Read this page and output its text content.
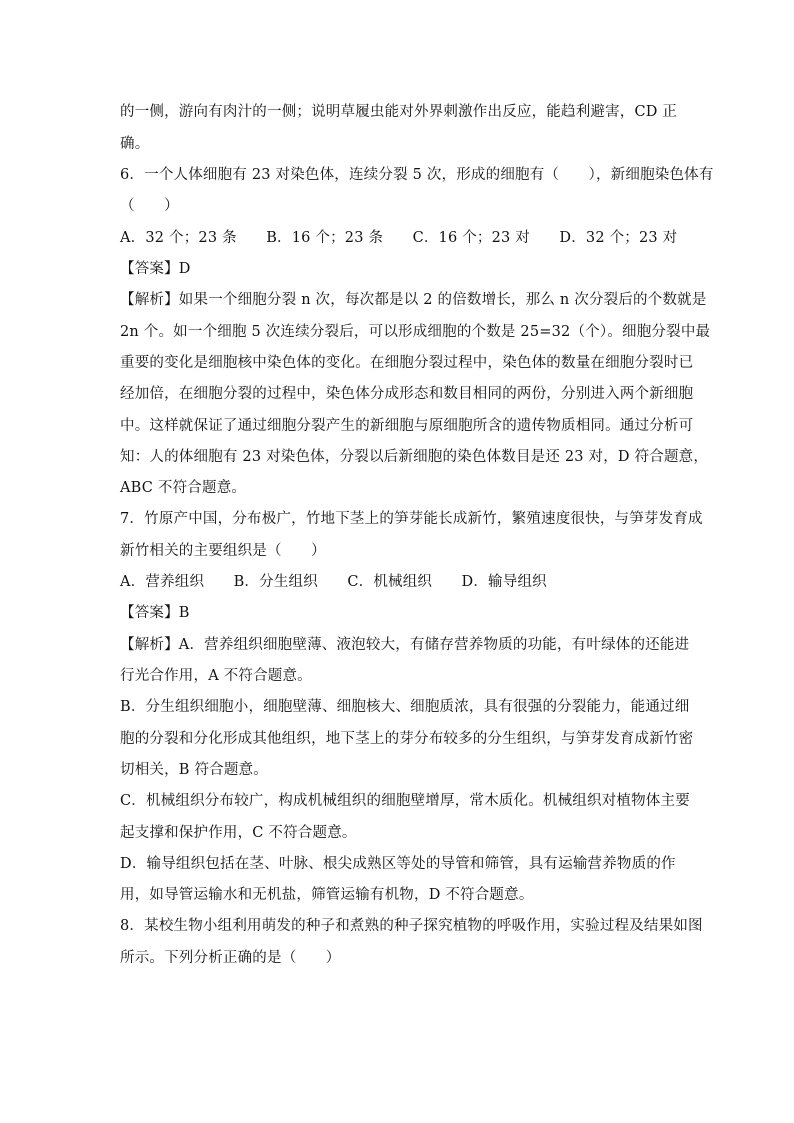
的一侧，游向有肉汁的一侧；说明草履虫能对外界刺激作出反应，能趋利避害，CD 正

确。

6．一个人体细胞有 23 对染色体，连续分裂 5 次，形成的细胞有（　　），新细胞染色体有

（　　）

A．32 个；23 条　　B．16 个；23 条　　C．16 个；23 对　　D．32 个；23 对

【答案】D

【解析】如果一个细胞分裂 n 次，每次都是以 2 的倍数增长，那么 n 次分裂后的个数就是

2n 个。如一个细胞 5 次连续分裂后，可以形成细胞的个数是 25=32（个）。细胞分裂中最

重要的变化是细胞核中染色体的变化。在细胞分裂过程中，染色体的数量在细胞分裂时已

经加倍，在细胞分裂的过程中，染色体分成形态和数目相同的两份，分别进入两个新细胞

中。这样就保证了通过细胞分裂产生的新细胞与原细胞所含的遗传物质相同。通过分析可

知：人的体细胞有 23 对染色体，分裂以后新细胞的染色体数目是还 23 对，D 符合题意，

ABC 不符合题意。

7．竹原产中国，分布极广，竹地下茎上的笋芽能长成新竹，繁殖速度很快，与笋芽发育成

新竹相关的主要组织是（　　）

A．营养组织　　B．分生组织　　C．机械组织　　D．输导组织

【答案】B

【解析】A．营养组织细胞壁薄、液泡较大，有储存营养物质的功能，有叶绿体的还能进

行光合作用，A 不符合题意。

B．分生组织细胞小，细胞壁薄、细胞核大、细胞质浓，具有很强的分裂能力，能通过细

胞的分裂和分化形成其他组织，地下茎上的芽分布较多的分生组织，与笋芽发育成新竹密

切相关，B 符合题意。

C．机械组织分布较广，构成机械组织的细胞壁增厚，常木质化。机械组织对植物体主要

起支撑和保护作用，C 不符合题意。

D．输导组织包括在茎、叶脉、根尖成熟区等处的导管和筛管，具有运输营养物质的作

用，如导管运输水和无机盐，筛管运输有机物，D 不符合题意。

8．某校生物小组利用萌发的种子和煮熟的种子探究植物的呼吸作用，实验过程及结果如图

所示。下列分析正确的是（　　）
